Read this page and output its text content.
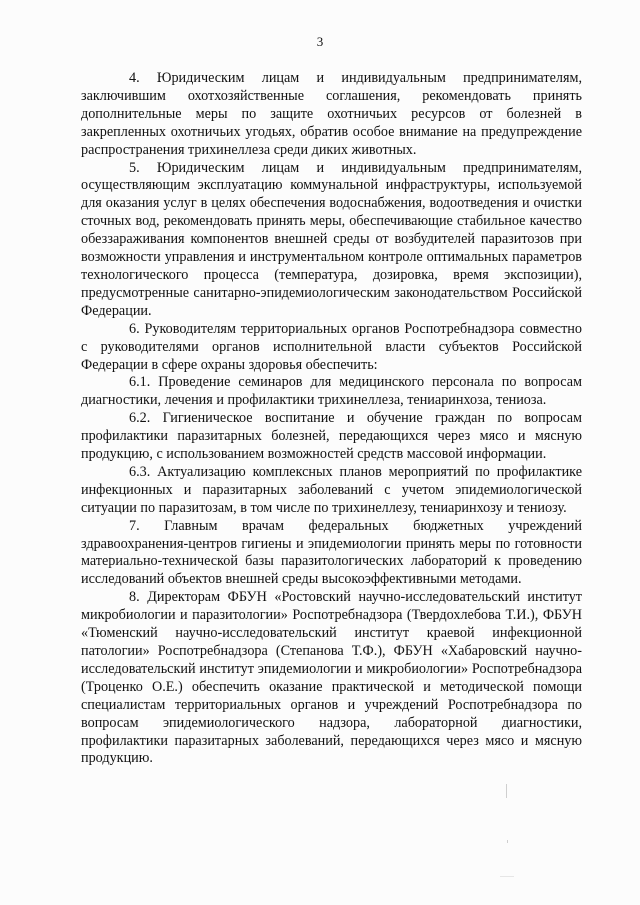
3

4. Юридическим лицам и индивидуальным предпринимателям, заключившим охотхозяйственные соглашения, рекомендовать принять дополнительные меры по защите охотничьих ресурсов от болезней в закрепленных охотничьих угодьях, обратив особое внимание на предупреждение распространения трихинеллеза среди диких животных.

5. Юридическим лицам и индивидуальным предпринимателям, осуществляющим эксплуатацию коммунальной инфраструктуры, используемой для оказания услуг в целях обеспечения водоснабжения, водоотведения и очистки сточных вод, рекомендовать принять меры, обеспечивающие стабильное качество обеззараживания компонентов внешней среды от возбудителей паразитозов при возможности управления и инструментальном контроле оптимальных параметров технологического процесса (температура, дозировка, время экспозиции), предусмотренные санитарно-эпидемиологическим законодательством Российской Федерации.

6. Руководителям территориальных органов Роспотребнадзора совместно с руководителями органов исполнительной власти субъектов Российской Федерации в сфере охраны здоровья обеспечить:

6.1. Проведение семинаров для медицинского персонала по вопросам диагностики, лечения и профилактики трихинеллеза, тениаринхоза, тениоза.

6.2. Гигиеническое воспитание и обучение граждан по вопросам профилактики паразитарных болезней, передающихся через мясо и мясную продукцию, с использованием возможностей средств массовой информации.

6.3. Актуализацию комплексных планов мероприятий по профилактике инфекционных и паразитарных заболеваний с учетом эпидемиологической ситуации по паразитозам, в том числе по трихинеллезу, тениаринхозу и тениозу.

7. Главным врачам федеральных бюджетных учреждений здравоохранения-центров гигиены и эпидемиологии принять меры по готовности материально-технической базы паразитологических лабораторий к проведению исследований объектов внешней среды высокоэффективными методами.

8. Директорам ФБУН «Ростовский научно-исследовательский институт микробиологии и паразитологии» Роспотребнадзора (Твердохлебова Т.И.), ФБУН «Тюменский научно-исследовательский институт краевой инфекционной патологии» Роспотребнадзора (Степанова Т.Ф.), ФБУН «Хабаровский научно-исследовательский институт эпидемиологии и микробиологии» Роспотребнадзора (Троценко О.Е.) обеспечить оказание практической и методической помощи специалистам территориальных органов и учреждений Роспотребнадзора по вопросам эпидемиологического надзора, лабораторной диагностики, профилактики паразитарных заболеваний, передающихся через мясо и мясную продукцию.
